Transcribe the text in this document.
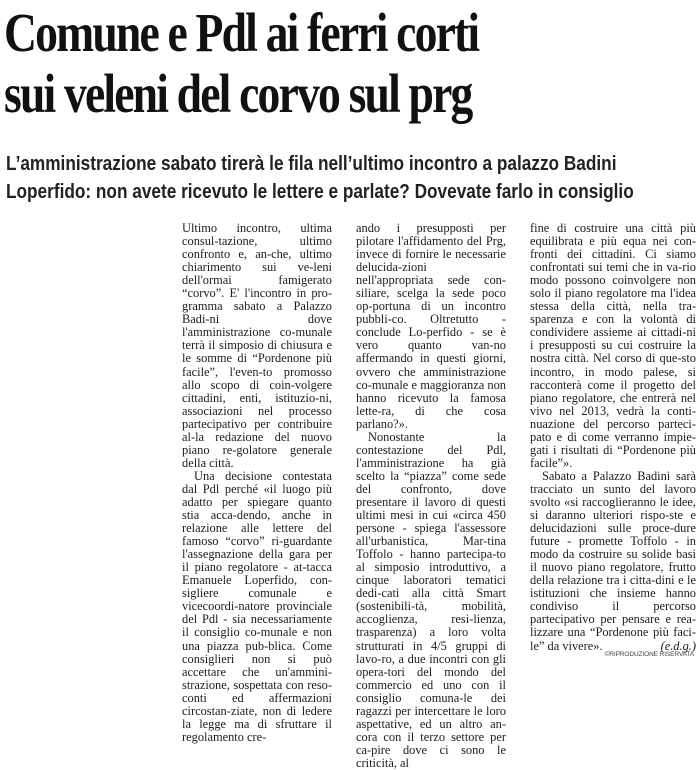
Comune e Pdl ai ferri corti
sui veleni del corvo sul prg
L’amministrazione sabato tirerà le fila nell’ultimo incontro a palazzo Badini
Loperfido: non avete ricevuto le lettere e parlate? Dovevate farlo in consiglio

Ultimo incontro, ultima consul-tazione, ultimo confronto e, an-che, ultimo chiarimento sui ve-leni dell'ormai famigerato “corvo”. E' l'incontro in pro-gramma sabato a Palazzo Badi-ni dove l'amministrazione co-munale terrà il simposio di chiusura e le somme di “Pordenone più facile”, l'even-to promosso allo scopo di coin-volgere cittadini, enti, istituzio-ni, associazioni nel processo partecipativo per contribuire al-la redazione del nuovo piano re-golatore generale della città.

Una decisione contestata dal Pdl perché «il luogo più adatto per spiegare quanto stia acca-dendo, anche in relazione alle lettere del famoso “corvo” ri-guardante l'assegnazione della gara per il piano regolatore - at-tacca Emanuele Loperfido, con-sigliere comunale e vicecoordi-natore provinciale del Pdl - sia necessariamente il consiglio co-munale e non una piazza pub-blica. Come consiglieri non si può accettare che un'ammini-strazione, sospettata con reso-conti ed affermazioni circostan-ziate, non di ledere la legge ma di sfruttare il regolamento cre-

ando i presupposti per pilotare l'affidamento del Prg, invece di fornire le necessarie delucida-zioni nell'appropriata sede con-siliare, scelga la sede poco op-portuna di un incontro pubbli-co. Oltretutto - conclude Lo-perfido - se è vero quanto van-no affermando in questi giorni, ovvero che amministrazione co-munale e maggioranza non hanno ricevuto la famosa lette-ra, di che cosa parlano?».

Nonostante la contestazione del Pdl, l'amministrazione ha già scelto la “piazza” come sede del confronto, dove presentare il lavoro di questi ultimi mesi in cui «circa 450 persone - spiega l'assessore all'urbanistica, Mar-tina Toffolo - hanno partecipa-to al simposio introduttivo, a cinque laboratori tematici dedi-cati alla città Smart (sostenibili-tà, mobilità, accoglienza, resi-lienza, trasparenza) a loro volta strutturati in 4/5 gruppi di lavo-ro, a due incontri con gli opera-tori del mondo del commercio ed uno con il consiglio comuna-le dei ragazzi per intercettare le loro aspettative, ed un altro an-cora con il terzo settore per ca-pire dove ci sono le criticità, al

fine di costruire una città più equilibrata e più equa nei con-fronti dei cittadini. Ci siamo confrontati sui temi che in va-rio modo possono coinvolgere non solo il piano regolatore ma l'idea stessa della città, nella tra-sparenza e con la volontà di condividere assieme ai cittadi-ni i presupposti su cui costruire la nostra città. Nel corso di que-sto incontro, in modo palese, si racconterà come il progetto del piano regolatore, che entrerà nel vivo nel 2013, vedrà la conti-nuazione del percorso parteci-pato e di come verranno impie-gati i risultati di “Pordenone più facile”».

Sabato a Palazzo Badini sarà tracciato un sunto del lavoro svolto «si raccoglieranno le idee, si daranno ulteriori rispo-ste e delucidazioni sulle proce-dure future - promette Toffolo - in modo da costruire su solide basi il nuovo piano regolatore, frutto della relazione tra i citta-dini e le istituzioni che insieme hanno condiviso il percorso partecipativo per pensare e rea-lizzare una “Pordenone più faci-le” da vivere».	(e.d.g.)
©RIPRODUZIONE RISERVATA
